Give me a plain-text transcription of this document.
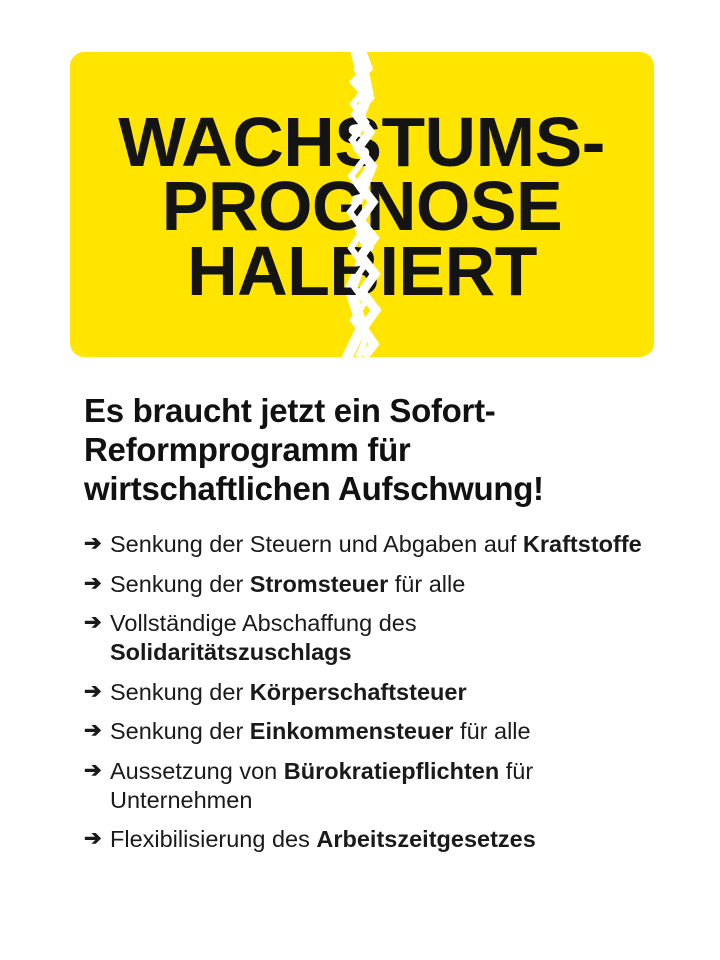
WACHSTUMS-
PROGNOSE
HALBIERT
Es braucht jetzt ein Sofort-
Reformprogramm für
wirtschaftlichen Aufschwung!
➔ Senkung der Steuern und Abgaben auf Kraftstoffe
➔ Senkung der Stromsteuer für alle
➔ Vollständige Abschaffung des Solidaritätszuschlags
➔ Senkung der Körperschaftsteuer
➔ Senkung der Einkommensteuer für alle
➔ Aussetzung von Bürokratiepflichten für Unternehmen
➔ Flexibilisierung des Arbeitszeitgesetzes
